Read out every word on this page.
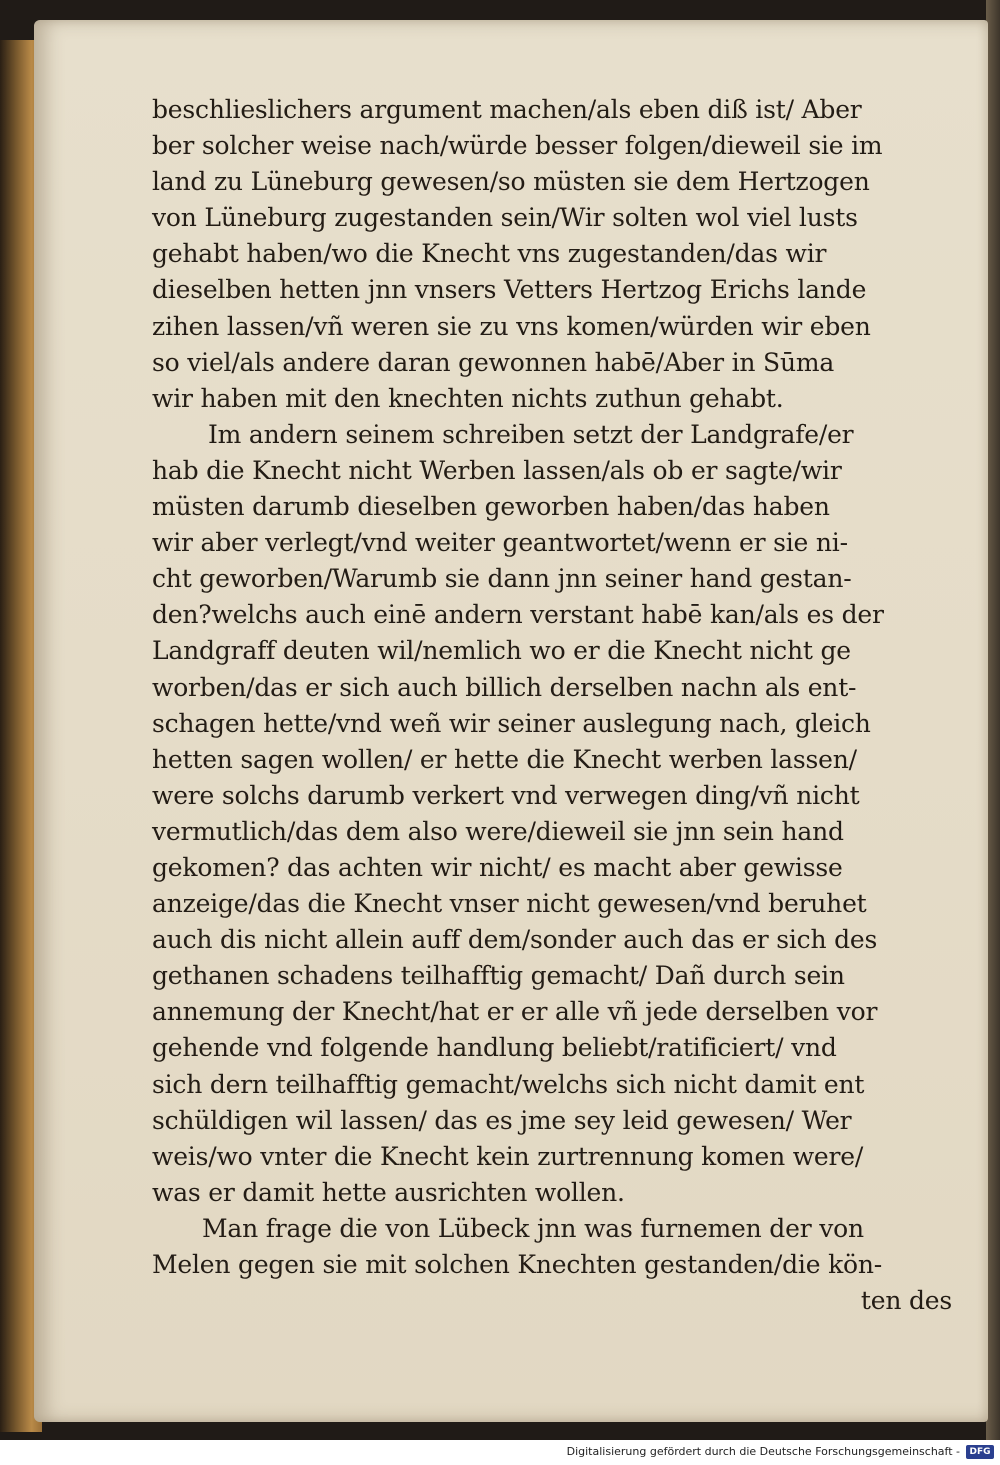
beschlieslichers argument machen/als eben diß ist/ Aber
ber solcher weise nach/würde besser folgen/dieweil sie im
land zu Lüneburg gewesen/so müsten sie dem Hertzogen
von Lüneburg zugestanden sein/Wir solten wol viel lusts
gehabt haben/wo die Knecht vns zugestanden/das wir
dieselben hetten jnn vnsers Vetters Hertzog Erichs lande
zihen lassen/vñ weren sie zu vns komen/würden wir eben
so viel/als andere daran gewonnen habē/Aber in Sūma
wir haben mit den knechten nichts zuthun gehabt.
Im andern seinem schreiben setzt der Landgrafe/er
hab die Knecht nicht Werben lassen/als ob er sagte/wir
müsten darumb dieselben geworben haben/das haben
wir aber verlegt/vnd weiter geantwortet/wenn er sie ni-
cht geworben/Warumb sie dann jnn seiner hand gestan-
den?welchs auch einē andern verstant habē kan/als es der
Landgraff deuten wil/nemlich wo er die Knecht nicht ge
worben/das er sich auch billich derselben nachn als ent-
schagen hette/vnd weñ wir seiner auslegung nach, gleich
hetten sagen wollen/ er hette die Knecht werben lassen/
were solchs darumb verkert vnd verwegen ding/vñ nicht
vermutlich/das dem also were/dieweil sie jnn sein hand
gekomen? das achten wir nicht/ es macht aber gewisse
anzeige/das die Knecht vnser nicht gewesen/vnd beruhet
auch dis nicht allein auff dem/sonder auch das er sich des
gethanen schadens teilhafftig gemacht/ Dañ durch sein
annemung der Knecht/hat er er alle vñ jede derselben vor
gehende vnd folgende handlung beliebt/ratificiert/ vnd
sich dern teilhafftig gemacht/welchs sich nicht damit ent
schüldigen wil lassen/ das es jme sey leid gewesen/ Wer
weis/wo vnter die Knecht kein zurtrennung komen were/
was er damit hette ausrichten wollen.
Man frage die von Lübeck jnn was furnemen der von
Melen gegen sie mit solchen Knechten gestanden/die kön-
ten des
Digitalisierung gefördert durch die Deutsche Forschungsgemeinschaft -	DFG
